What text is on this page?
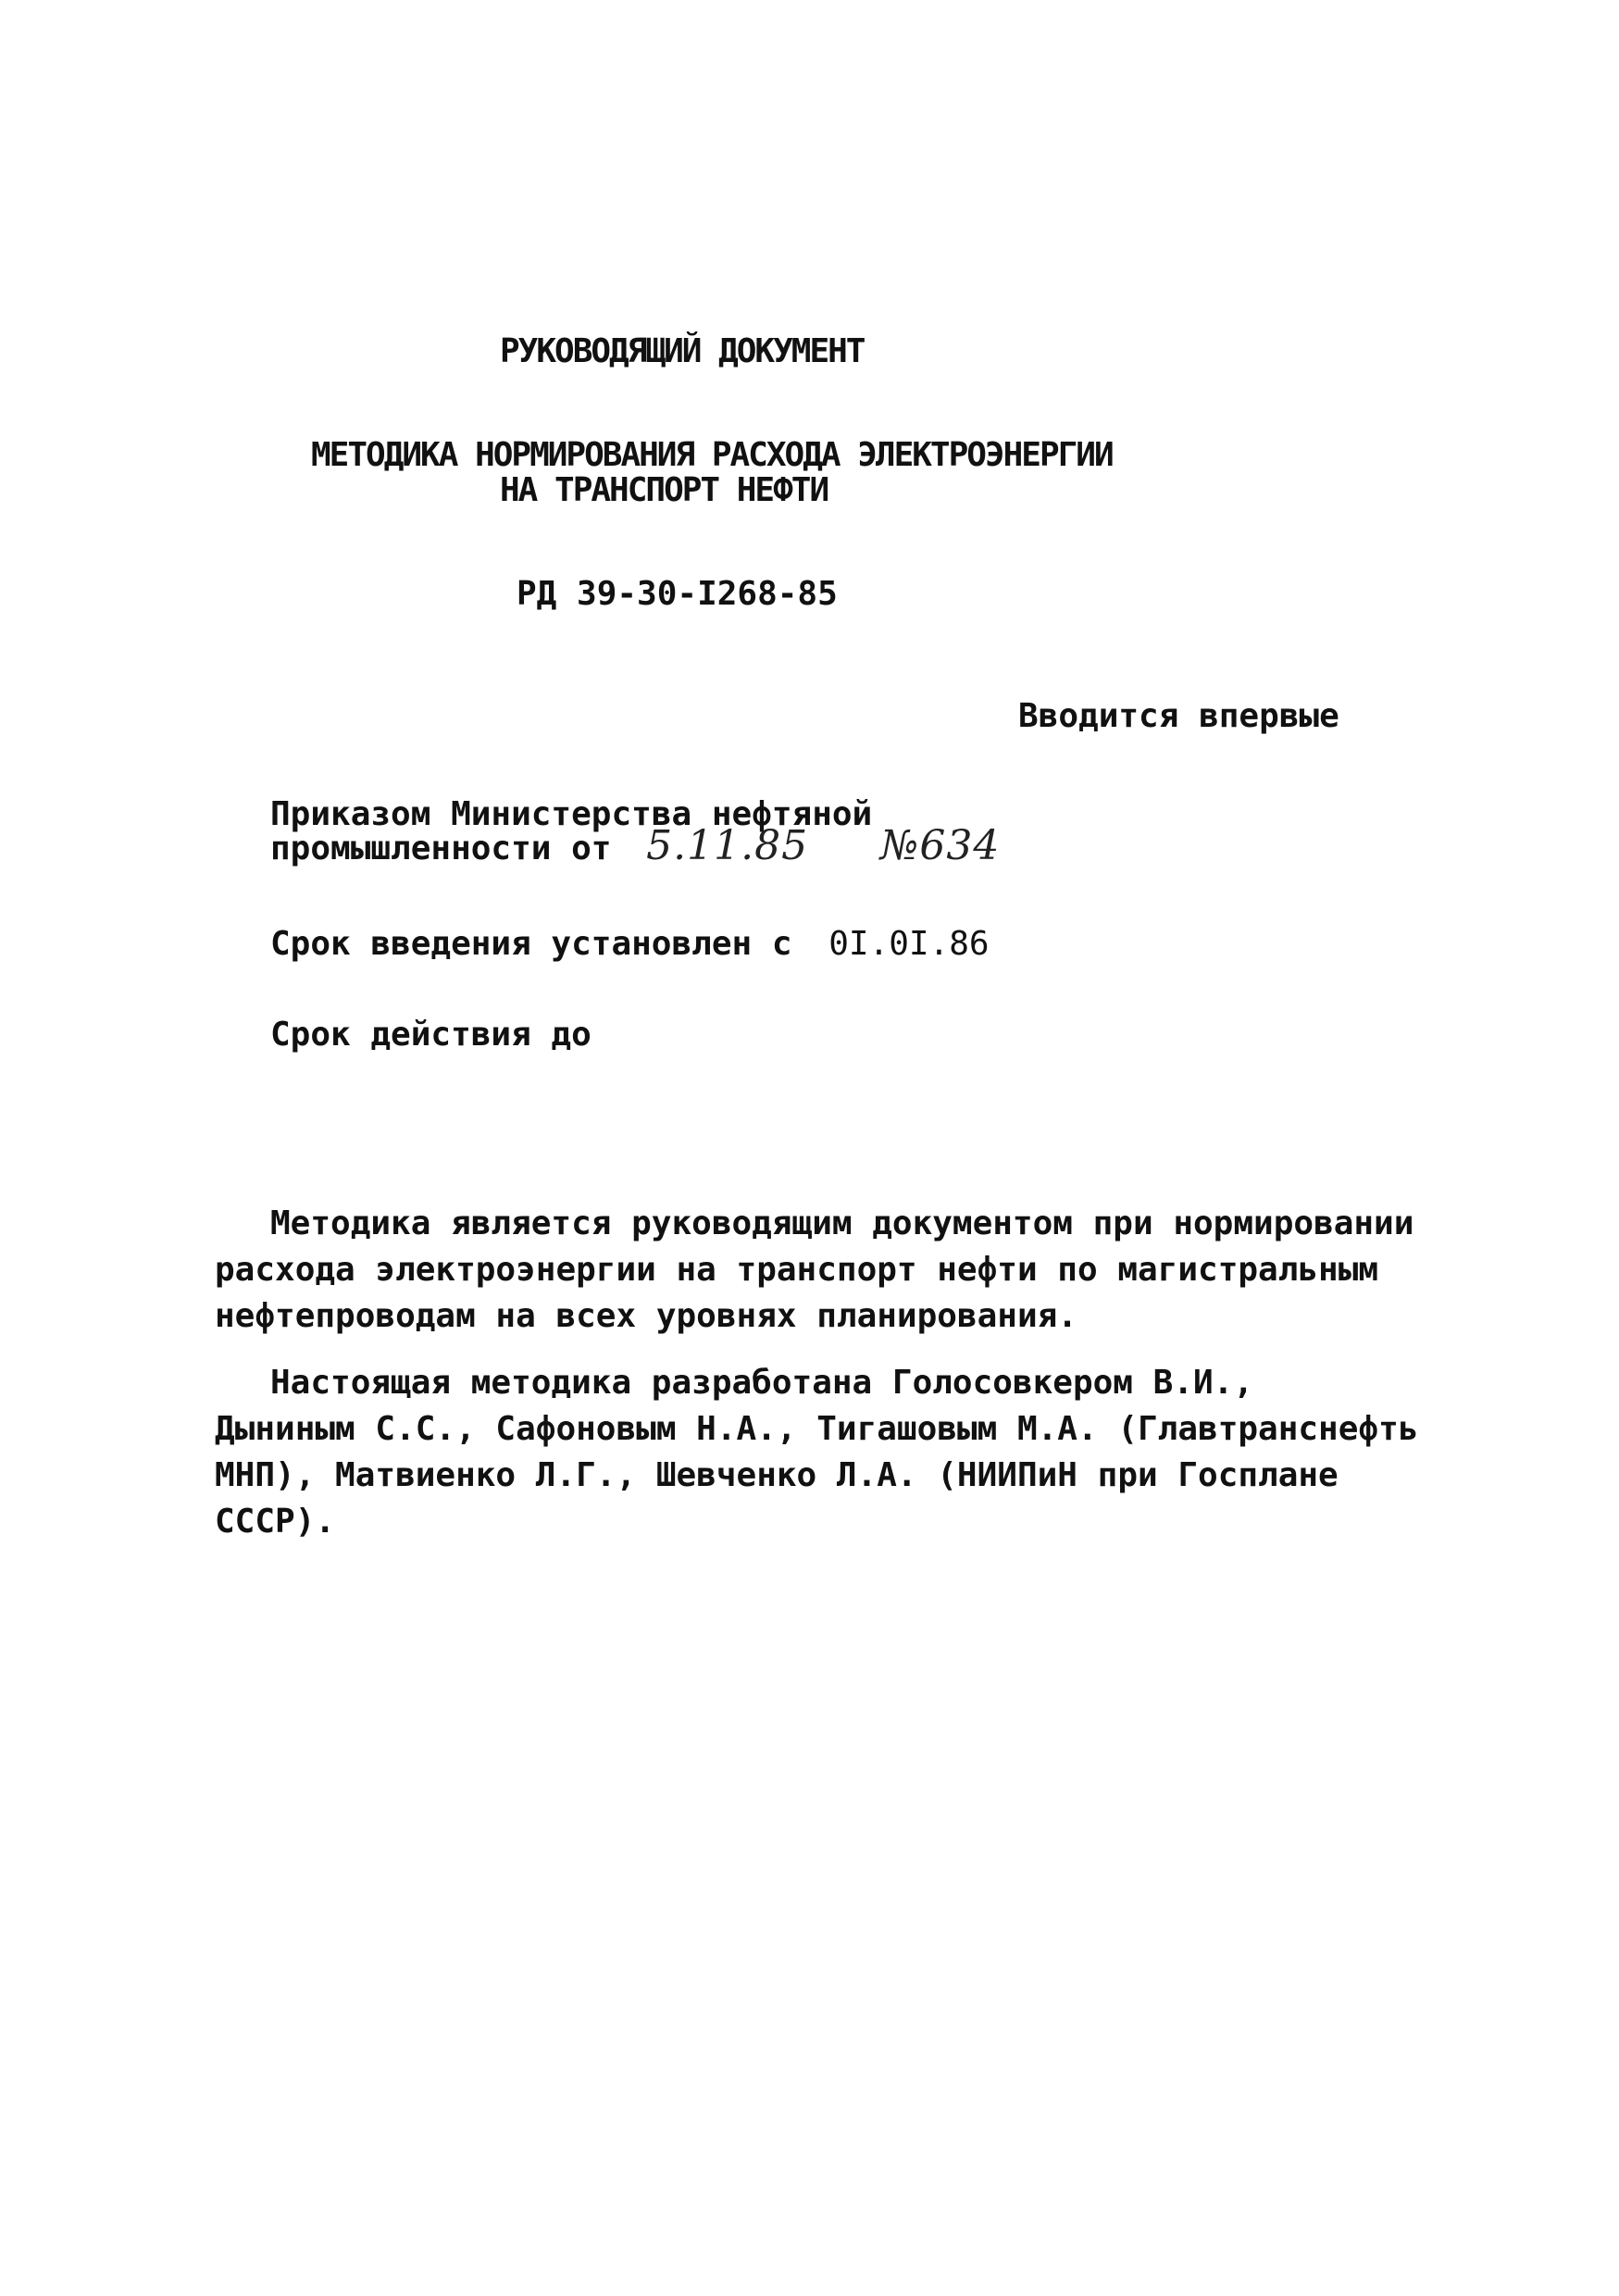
РУКОВОДЯЩИЙ ДОКУМЕНТ
МЕТОДИКА НОРМИРОВАНИЯ РАСХОДА ЭЛЕКТРОЭНЕРГИИ
НА ТРАНСПОРТ НЕФТИ
РД 39-30-I268-85
Вводится впервые
Приказом Министерства нефтяной
промышленности от 5.11.85 №634
Срок введения установлен с 0I.0I.86
Срок действия до
Методика является руководящим документом при нормировании
расхода электроэнергии на транспорт нефти по магистральным
нефтепроводам на всех уровнях планирования.
Настоящая методика разработана Голосовкером В.И.,
Дыниным С.С., Сафоновым Н.А., Тигашовым М.А. (Главтранснефть
МНП), Матвиенко Л.Г., Шевченко Л.А. (НИИПиН при Госплане
СССР).
